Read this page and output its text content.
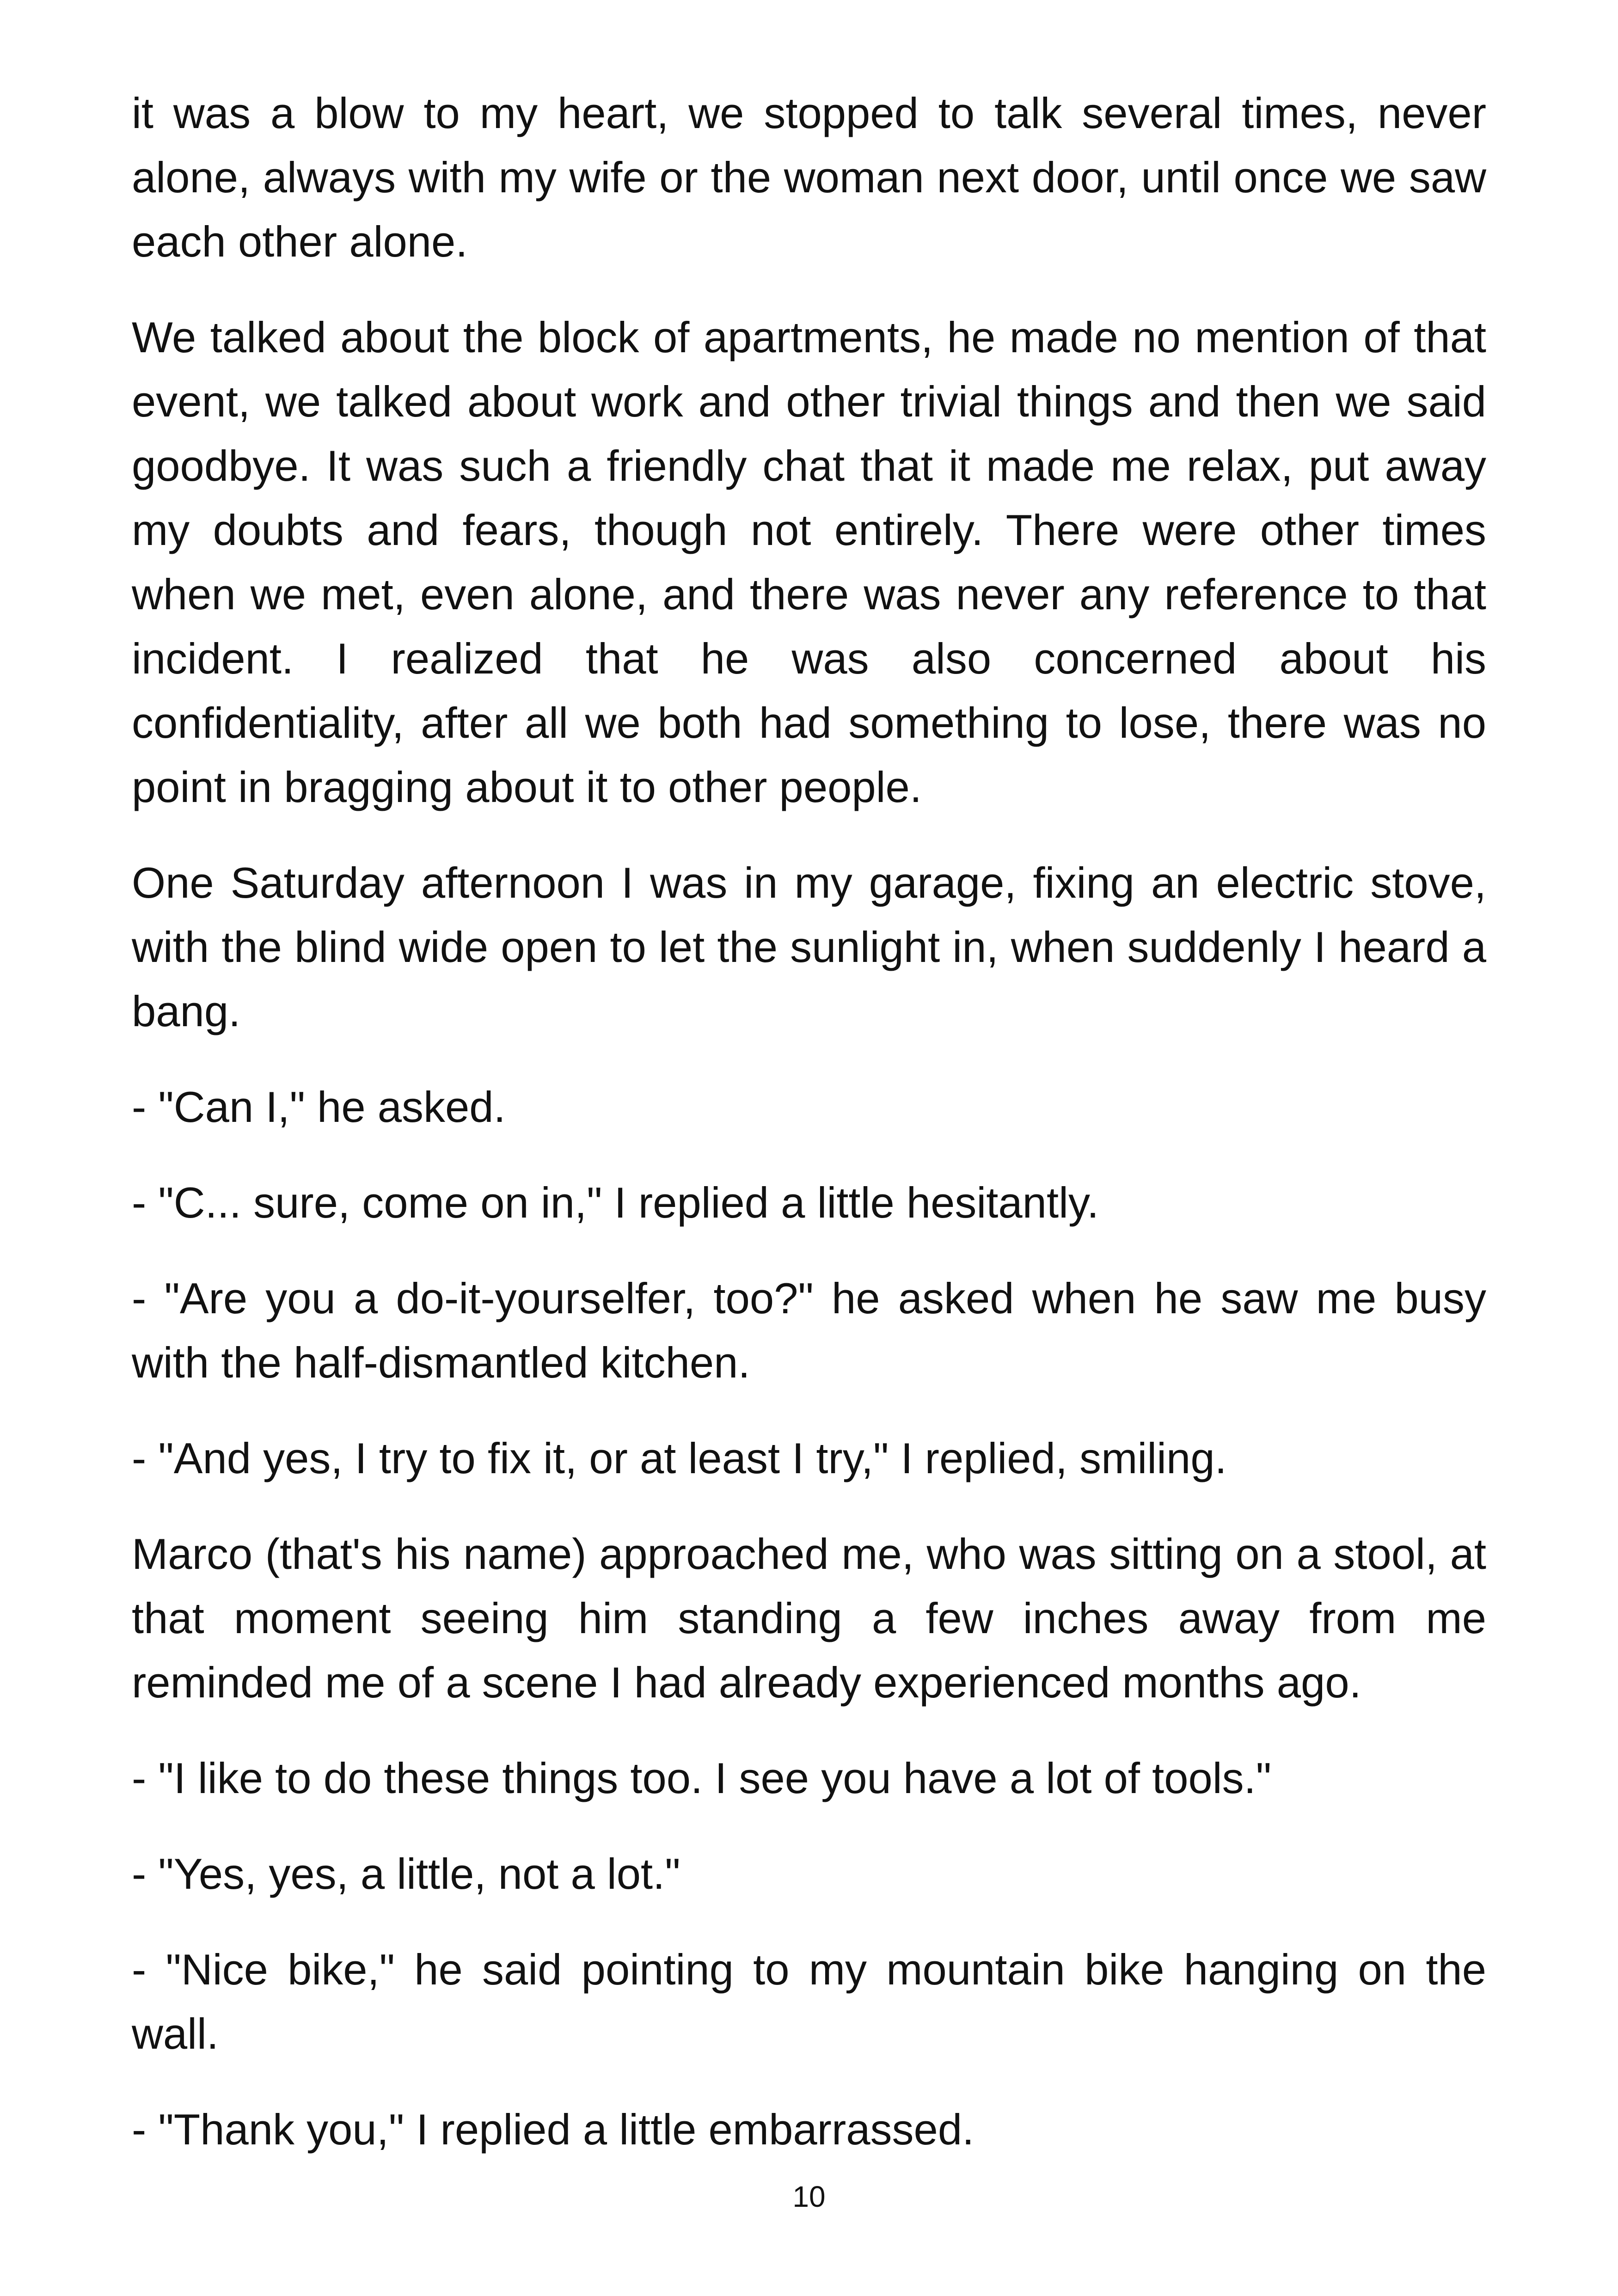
it was a blow to my heart, we stopped to talk several times, never alone, always with my wife or the woman next door, until once we saw each other alone.

We talked about the block of apartments, he made no mention of that event, we talked about work and other trivial things and then we said goodbye. It was such a friendly chat that it made me relax, put away my doubts and fears, though not entirely. There were other times when we met, even alone, and there was never any reference to that incident. I realized that he was also concerned about his confidentiality, after all we both had something to lose, there was no point in bragging about it to other people.

One Saturday afternoon I was in my garage, fixing an electric stove, with the blind wide open to let the sunlight in, when suddenly I heard a bang.

- "Can I," he asked.

- "C... sure, come on in," I replied a little hesitantly.

- "Are you a do-it-yourselfer, too?" he asked when he saw me busy with the half-dismantled kitchen.

- "And yes, I try to fix it, or at least I try," I replied, smiling.

Marco (that's his name) approached me, who was sitting on a stool, at that moment seeing him standing a few inches away from me reminded me of a scene I had already experienced months ago.

- "I like to do these things too. I see you have a lot of tools."

- "Yes, yes, a little, not a lot."

- "Nice bike," he said pointing to my mountain bike hanging on the wall.

- "Thank you," I replied a little embarrassed.

10
